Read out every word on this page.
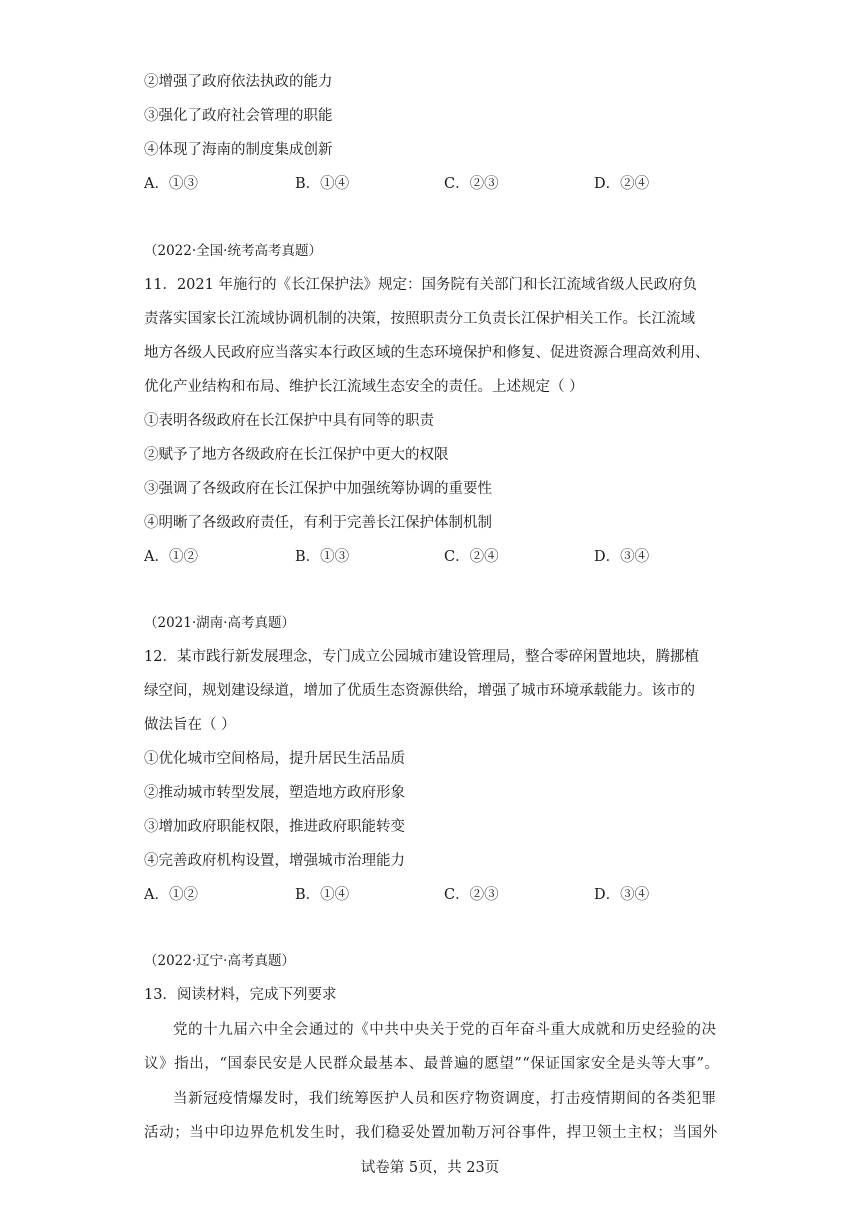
②增强了政府依法执政的能力
③强化了政府社会管理的职能
④体现了海南的制度集成创新
A．①③	B．①④	C．②③	D．②④
（2022·全国·统考高考真题）
11．2021 年施行的《长江保护法》规定：国务院有关部门和长江流域省级人民政府负
责落实国家长江流域协调机制的决策，按照职责分工负责长江保护相关工作。长江流域
地方各级人民政府应当落实本行政区域的生态环境保护和修复、促进资源合理高效利用、
优化产业结构和布局、维护长江流域生态安全的责任。上述规定（ ）
①表明各级政府在长江保护中具有同等的职责
②赋予了地方各级政府在长江保护中更大的权限
③强调了各级政府在长江保护中加强统筹协调的重要性
④明晰了各级政府责任，有利于完善长江保护体制机制
A．①②	B．①③	C．②④	D．③④
（2021·湖南·高考真题）
12．某市践行新发展理念，专门成立公园城市建设管理局，整合零碎闲置地块，腾挪植
绿空间，规划建设绿道，增加了优质生态资源供给，增强了城市环境承载能力。该市的
做法旨在（ ）
①优化城市空间格局，提升居民生活品质
②推动城市转型发展，塑造地方政府形象
③增加政府职能权限，推进政府职能转变
④完善政府机构设置，增强城市治理能力
A．①②	B．①④	C．②③	D．③④
（2022·辽宁·高考真题）
13．阅读材料，完成下列要求
党的十九届六中全会通过的《中共中央关于党的百年奋斗重大成就和历史经验的决
议》指出，“国泰民安是人民群众最基本、最普遍的愿望”“保证国家安全是头等大事”。
当新冠疫情爆发时，我们统筹医护人员和医疗物资调度，打击疫情期间的各类犯罪
活动；当中印边界危机发生时，我们稳妥处置加勒万河谷事件，捍卫领土主权；当国外
试卷第 5页，共 23页
